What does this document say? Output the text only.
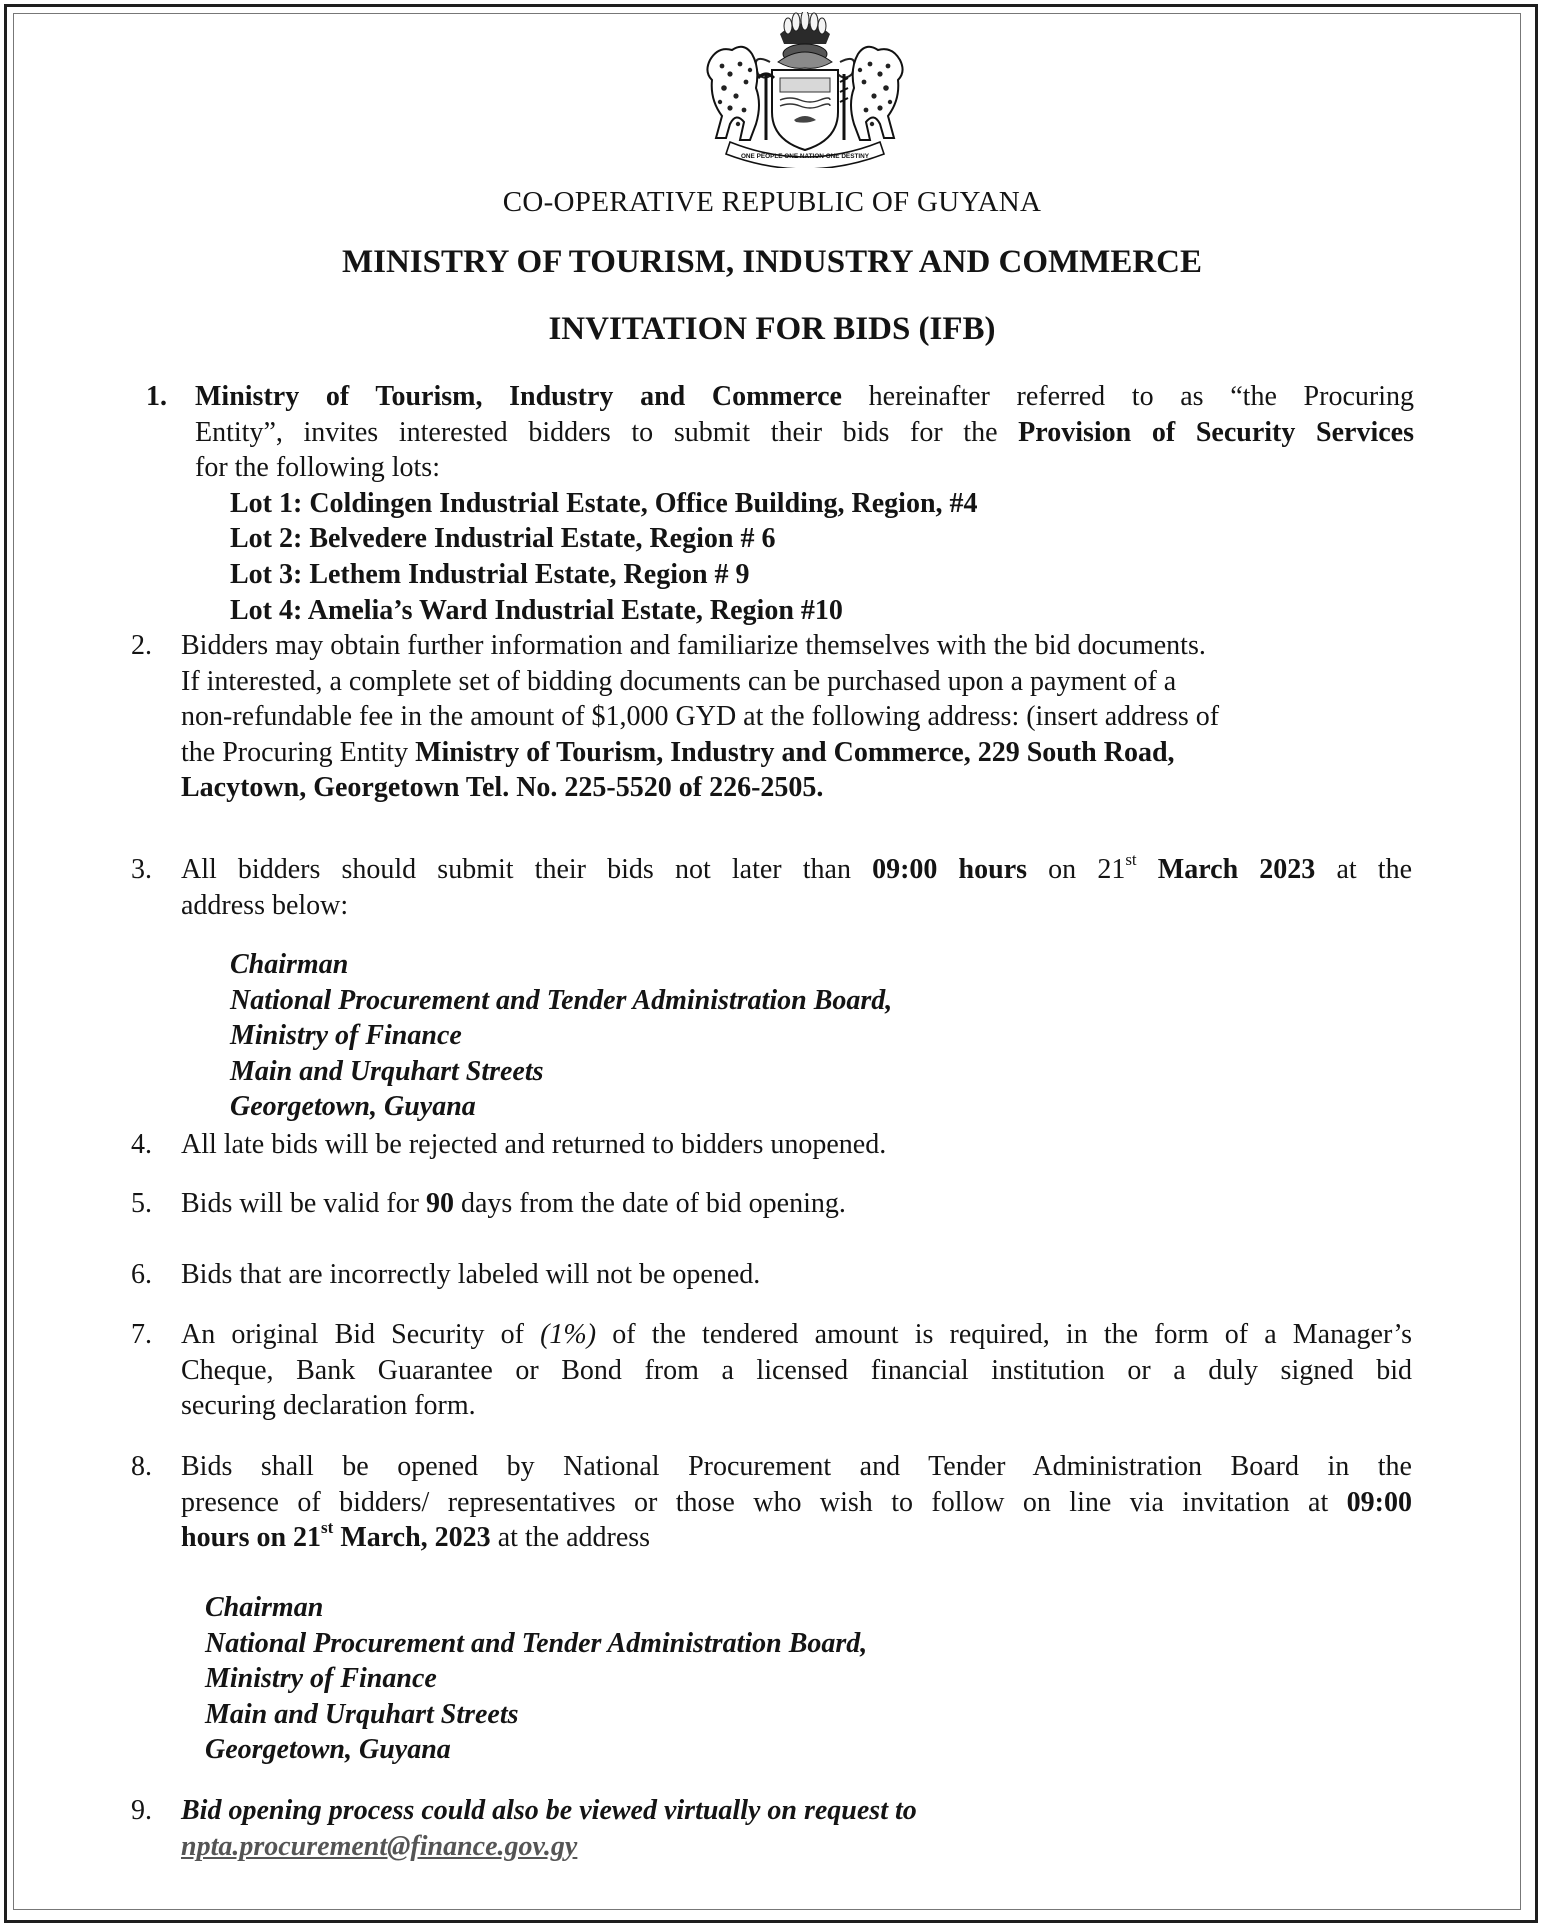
ONE PEOPLE ONE NATION ONE DESTINY
CO-OPERATIVE REPUBLIC OF GUYANA
MINISTRY OF TOURISM, INDUSTRY AND COMMERCE
INVITATION FOR BIDS (IFB)
1. Ministry of Tourism, Industry and Commerce hereinafter referred to as “the Procuring
Entity”, invites interested bidders to submit their bids for the Provision of Security Services
for the following lots:
Lot 1: Coldingen Industrial Estate, Office Building, Region, #4
Lot 2: Belvedere Industrial Estate, Region # 6
Lot 3: Lethem Industrial Estate, Region # 9
Lot 4: Amelia’s Ward Industrial Estate, Region #10
2. Bidders may obtain further information and familiarize themselves with the bid documents.
If interested, a complete set of bidding documents can be purchased upon a payment of a
non-refundable fee in the amount of $1,000 GYD at the following address: (insert address of
the Procuring Entity Ministry of Tourism, Industry and Commerce, 229 South Road,
Lacytown, Georgetown Tel. No. 225-5520 of 226-2505.
3. All bidders should submit their bids not later than 09:00 hours on 21st March 2023 at the
address below:
Chairman
National Procurement and Tender Administration Board,
Ministry of Finance
Main and Urquhart Streets
Georgetown, Guyana
4. All late bids will be rejected and returned to bidders unopened.
5. Bids will be valid for 90 days from the date of bid opening.
6. Bids that are incorrectly labeled will not be opened.
7. An original Bid Security of (1%) of the tendered amount is required, in the form of a Manager’s
Cheque, Bank Guarantee or Bond from a licensed financial institution or a duly signed bid
securing declaration form.
8. Bids shall be opened by National Procurement and Tender Administration Board in the
presence of bidders/ representatives or those who wish to follow on line via invitation at 09:00
hours on 21st March, 2023 at the address
Chairman
National Procurement and Tender Administration Board,
Ministry of Finance
Main and Urquhart Streets
Georgetown, Guyana
9. Bid opening process could also be viewed virtually on request to
npta.procurement@finance.gov.gy
